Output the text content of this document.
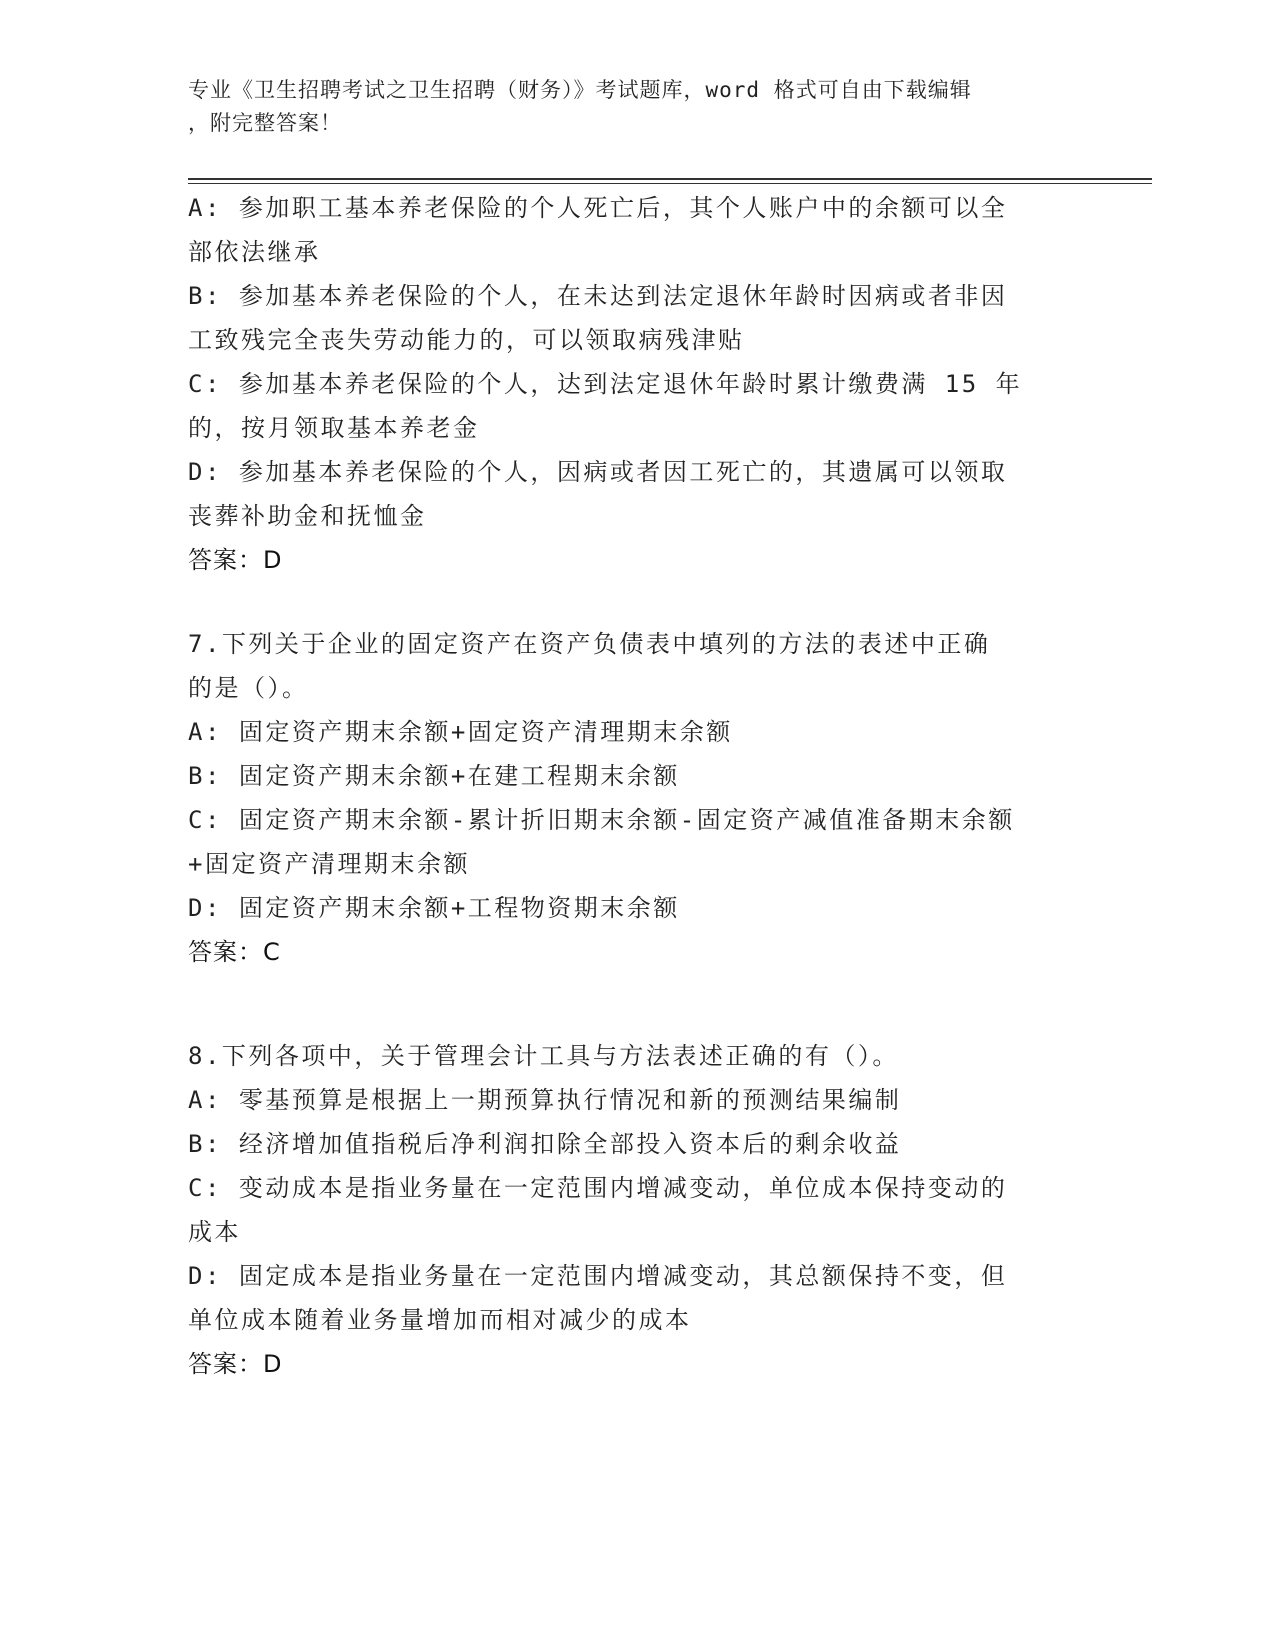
专业《卫生招聘考试之卫生招聘（财务）》考试题库，word 格式可自由下载编辑
，附完整答案！
A: 参加职工基本养老保险的个人死亡后，其个人账户中的余额可以全
部依法继承
B: 参加基本养老保险的个人，在未达到法定退休年龄时因病或者非因
工致残完全丧失劳动能力的，可以领取病残津贴
C: 参加基本养老保险的个人，达到法定退休年龄时累计缴费满 15 年
的，按月领取基本养老金
D: 参加基本养老保险的个人，因病或者因工死亡的，其遗属可以领取
丧葬补助金和抚恤金
答案：D
7.下列关于企业的固定资产在资产负债表中填列的方法的表述中正确
的是（）。
A: 固定资产期末余额+固定资产清理期末余额
B: 固定资产期末余额+在建工程期末余额
C: 固定资产期末余额-累计折旧期末余额-固定资产减值准备期末余额
+固定资产清理期末余额
D: 固定资产期末余额+工程物资期末余额
答案：C
8.下列各项中，关于管理会计工具与方法表述正确的有（）。
A: 零基预算是根据上一期预算执行情况和新的预测结果编制
B: 经济增加值指税后净利润扣除全部投入资本后的剩余收益
C: 变动成本是指业务量在一定范围内增减变动，单位成本保持变动的
成本
D: 固定成本是指业务量在一定范围内增减变动，其总额保持不变，但
单位成本随着业务量增加而相对减少的成本
答案：D
